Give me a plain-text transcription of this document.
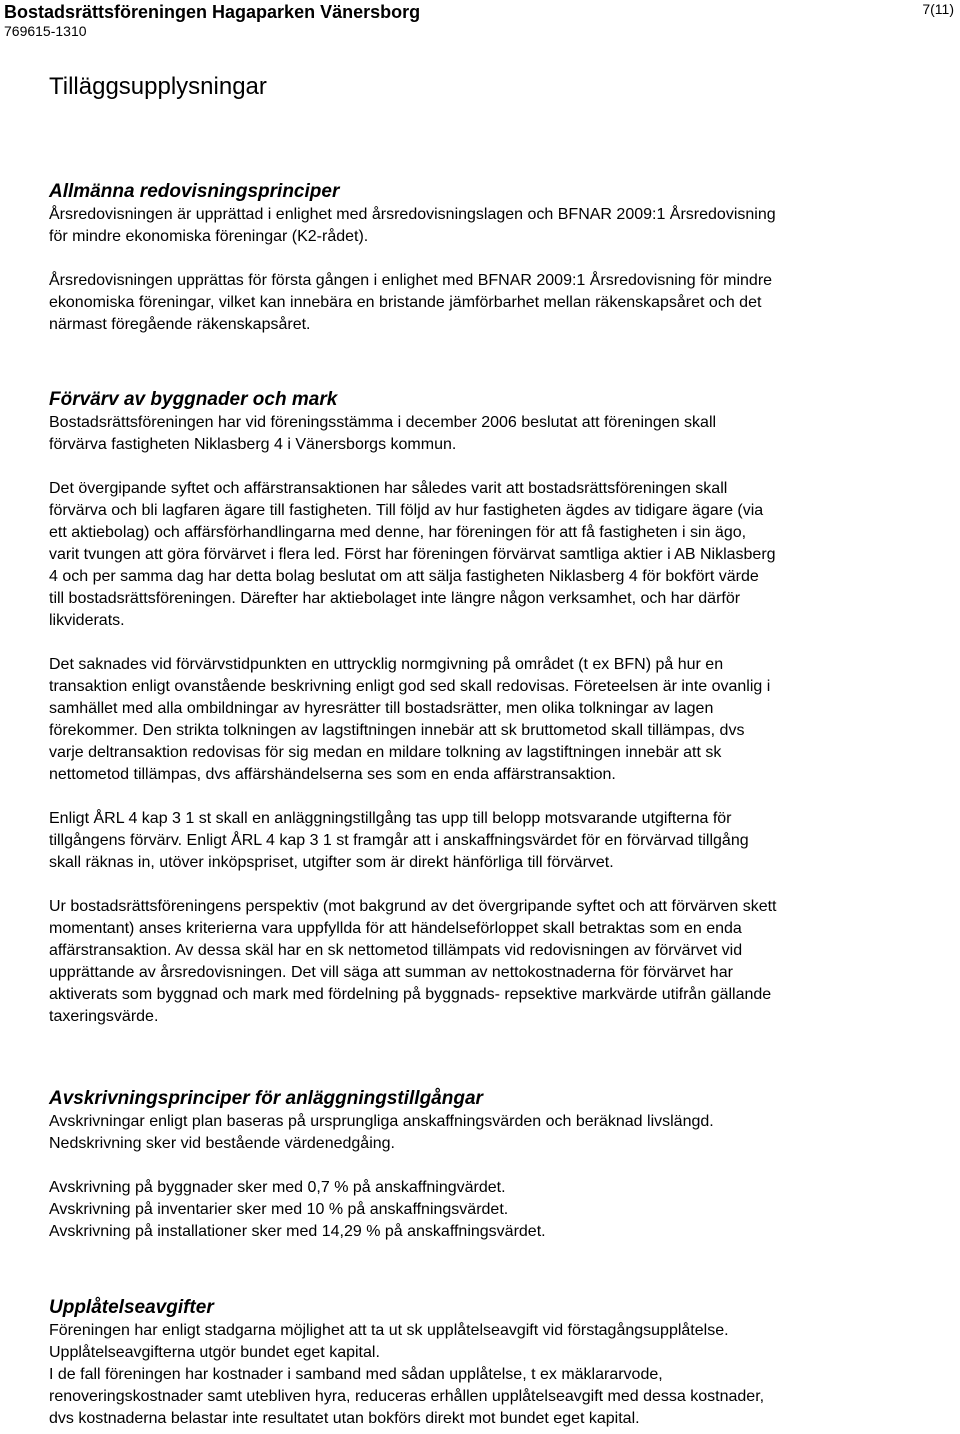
Bostadsrättsföreningen Hagaparken Vänersborg
769615-1310
7(11)
Tilläggsupplysningar
Allmänna redovisningsprinciper

Årsredovisningen är upprättad i enlighet med årsredovisningslagen och BFNAR 2009:1 Årsredovisning

för mindre ekonomiska föreningar (K2-rådet).

Årsredovisningen upprättas för första gången i enlighet med BFNAR 2009:1 Årsredovisning för mindre

ekonomiska föreningar, vilket kan innebära en bristande jämförbarhet mellan räkenskapsåret och det

närmast föregående räkenskapsåret.

Förvärv av byggnader och mark

Bostadsrättsföreningen har vid föreningsstämma i december 2006 beslutat att föreningen skall

förvärva fastigheten Niklasberg 4 i Vänersborgs kommun.

Det övergipande syftet och affärstransaktionen har således varit att bostadsrättsföreningen skall

förvärva och bli lagfaren ägare till fastigheten. Till följd av hur fastigheten ägdes av tidigare ägare (via

ett aktiebolag) och affärsförhandlingarna med denne, har föreningen för att få fastigheten i sin ägo,

varit tvungen att göra förvärvet i flera led. Först har föreningen förvärvat samtliga aktier i AB Niklasberg

4 och per samma dag har detta bolag beslutat om att sälja fastigheten Niklasberg 4 för bokfört värde

till bostadsrättsföreningen. Därefter har aktiebolaget inte längre någon verksamhet, och har därför

likviderats.

Det saknades vid förvärvstidpunkten en uttrycklig normgivning på området (t ex BFN) på hur en

transaktion enligt ovanstående beskrivning enligt god sed skall redovisas. Företeelsen är inte ovanlig i

samhället med alla ombildningar av hyresrätter till bostadsrätter, men olika tolkningar av lagen

förekommer. Den strikta tolkningen av lagstiftningen innebär att sk bruttometod skall tillämpas, dvs

varje deltransaktion redovisas för sig medan en mildare tolkning av lagstiftningen innebär att sk

nettometod tillämpas, dvs affärshändelserna ses som en enda affärstransaktion.

Enligt ÅRL 4 kap 3 1 st skall en anläggningstillgång tas upp till belopp motsvarande utgifterna för

tillgångens förvärv. Enligt ÅRL 4 kap 3 1 st framgår att i anskaffningsvärdet för en förvärvad tillgång

skall räknas in, utöver inköpspriset, utgifter som är direkt hänförliga till förvärvet.

Ur bostadsrättsföreningens perspektiv (mot bakgrund av det övergripande syftet och att förvärven skett

momentant) anses kriterierna vara uppfyllda för att händelseförloppet skall betraktas som en enda

affärstransaktion. Av dessa skäl har en sk nettometod tillämpats vid redovisningen av förvärvet vid

upprättande av årsredovisningen. Det vill säga att summan av nettokostnaderna för förvärvet har

aktiverats som byggnad och mark med fördelning på byggnads- repsektive markvärde utifrån gällande

taxeringsvärde.

Avskrivningsprinciper för anläggningstillgångar

Avskrivningar enligt plan baseras på ursprungliga anskaffningsvärden och beräknad livslängd.

Nedskrivning sker vid bestående värdenedgåing.

Avskrivning på byggnader sker med 0,7 % på anskaffningvärdet.

Avskrivning på inventarier sker med 10 % på anskaffningsvärdet.

Avskrivning på installationer sker med 14,29 % på anskaffningsvärdet.

Upplåtelseavgifter

Föreningen har enligt stadgarna möjlighet att ta ut sk upplåtelseavgift vid förstagångsupplåtelse.

Upplåtelseavgifterna utgör bundet eget kapital.

I de fall föreningen har kostnader i samband med sådan upplåtelse, t ex mäklararvode,

renoveringskostnader samt utebliven hyra, reduceras erhållen upplåtelseavgift med dessa kostnader,

dvs kostnaderna belastar inte resultatet utan bokförs direkt mot bundet eget kapital.
